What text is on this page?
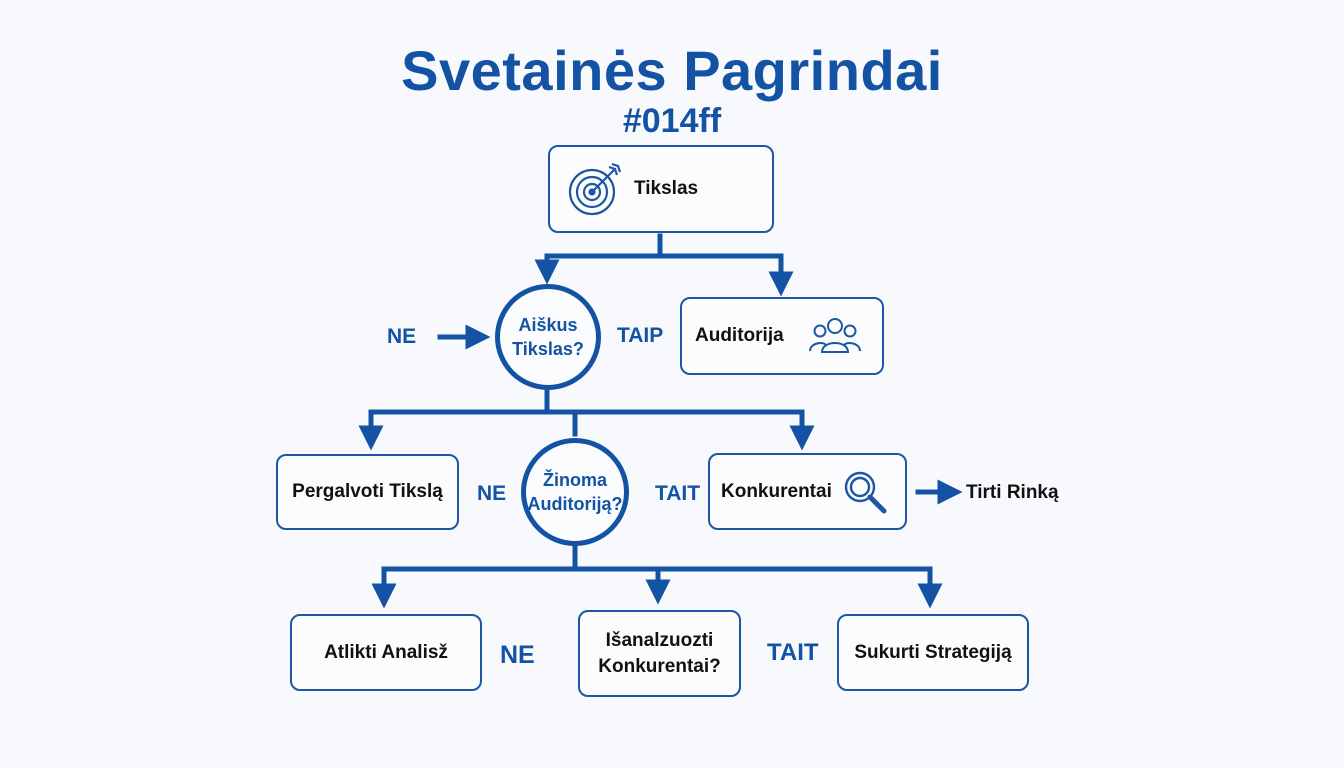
Svetainės Pagrindai
#014ff
Tikslas
NE	Aiškus
Tikslas?
TAIP Auditorija
Pergalvoti Tikslą NE
Žinoma
Auditoriją? TAIT Konkurentai	Tirti Rinką
Atlikti Analisž NE
Išanalzuozti
Konkurentai? TAIT Sukurti Strategiją
